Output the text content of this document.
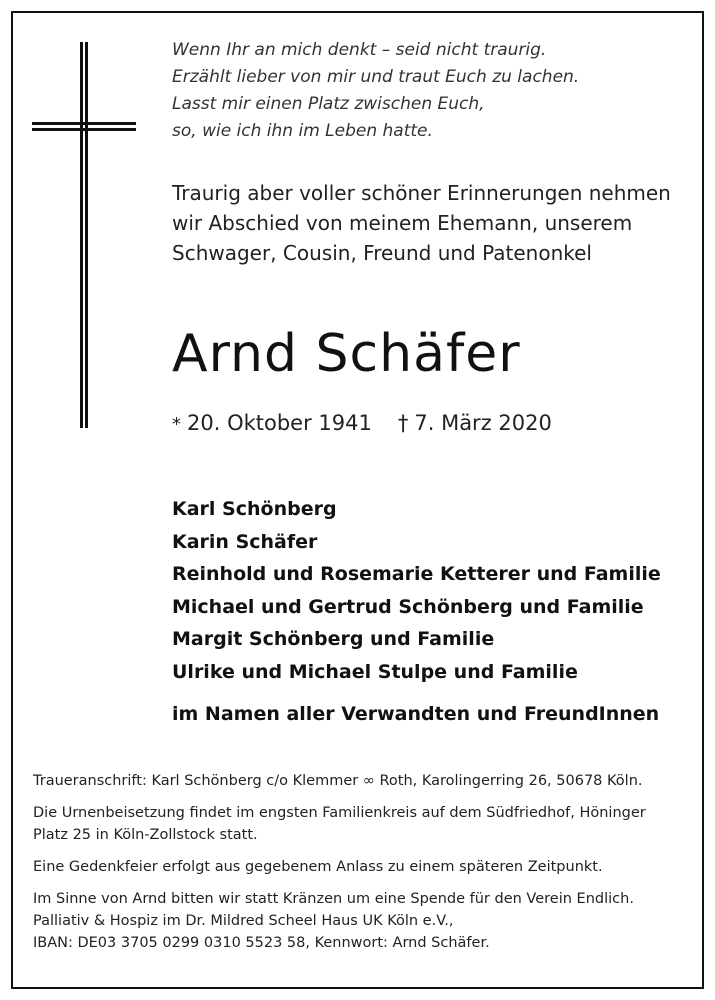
Wenn Ihr an mich denkt – seid nicht traurig.
Erzählt lieber von mir und traut Euch zu lachen.
Lasst mir einen Platz zwischen Euch,
so, wie ich ihn im Leben hatte.
Traurig aber voller schöner Erinnerungen nehmen
wir Abschied von meinem Ehemann, unserem
Schwager, Cousin, Freund und Patenonkel
Arnd Schäfer
* 20. Oktober 1941 † 7. März 2020
Karl Schönberg
Karin Schäfer
Reinhold und Rosemarie Ketterer und Familie
Michael und Gertrud Schönberg und Familie
Margit Schönberg und Familie
Ulrike und Michael Stulpe und Familie
im Namen aller Verwandten und FreundInnen
Traueranschrift: Karl Schönberg c/o Klemmer ∞ Roth, Karolingerring 26, 50678 Köln.
Die Urnenbeisetzung findet im engsten Familienkreis auf dem Südfriedhof, Höninger
Platz 25 in Köln-Zollstock statt.
Eine Gedenkfeier erfolgt aus gegebenem Anlass zu einem späteren Zeitpunkt.
Im Sinne von Arnd bitten wir statt Kränzen um eine Spende für den Verein Endlich.
Palliativ & Hospiz im Dr. Mildred Scheel Haus UK Köln e.V.,
IBAN: DE03 3705 0299 0310 5523 58, Kennwort: Arnd Schäfer.
